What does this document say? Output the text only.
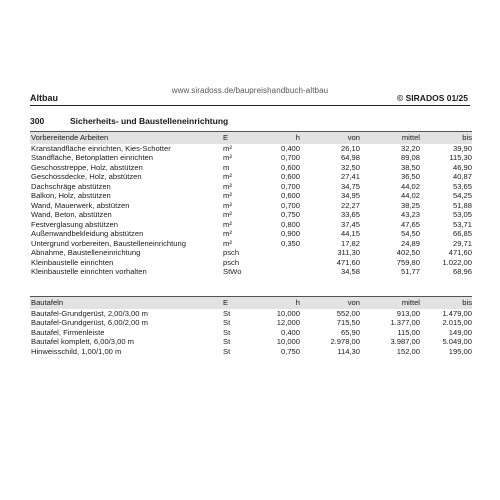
www.siradoss.de/baupreishandbuch-altbau
Altbau	© SIRADOS 01/25
300	Sicherheits- und Baustelleneinrichtung
Vorbereitende Arbeiten	E	h	von	mittel	bis
Kranstandfläche einrichten, Kies-Schotter	m²	0,400	26,10	32,20	39,90
Standfläche, Betonplatten einrichten	m²	0,700	64,98	89,08	115,30
Geschosstreppe, Holz, abstützen	m	0,600	32,50	38,50	46,90
Geschossdecke, Holz, abstützen	m²	0,600	27,41	36,50	40,87
Dachschräge abstützen	m²	0,700	34,75	44,02	53,65
Balkon, Holz, abstützen	m²	0,600	34,95	44,02	54,25
Wand, Mauerwerk, abstützen	m²	0,700	22,27	38,25	51,88
Wand, Beton, abstützen	m²	0,750	33,65	43,23	53,05
Festverglasung abstützen	m²	0,800	37,45	47,65	53,71
Außenwandbekleidung abstützen	m²	0,900	44,15	54,50	66,85
Untergrund vorbereiten, Baustelleneinrichtung	m²	0,350	17,82	24,89	29,71
Abnahme, Baustelleneinrichtung	psch		311,30	402,50	471,60
Kleinbaustelle einrichten	psch		471,60	759,80	1.022,00
Kleinbaustelle einrichten vorhalten	StWo		34,58	51,77	68,96
Bautafeln	E	h	von	mittel	bis
Bautafel-Grundgerüst, 2,00/3,00 m	St	10,000	552,00	913,00	1.479,00
Bautafel-Grundgerüst, 6,00/2,00 m	St	12,000	715,50	1.377,00	2.015,00
Bautafel, Firmenleiste	St	0,400	65,90	115,00	149,00
Bautafel komplett, 6,00/3,00 m	St	10,000	2.978,00	3.987,00	5.049,00
Hinweisschild, 1,00/1,00 m	St	0,750	114,30	152,00	195,00
